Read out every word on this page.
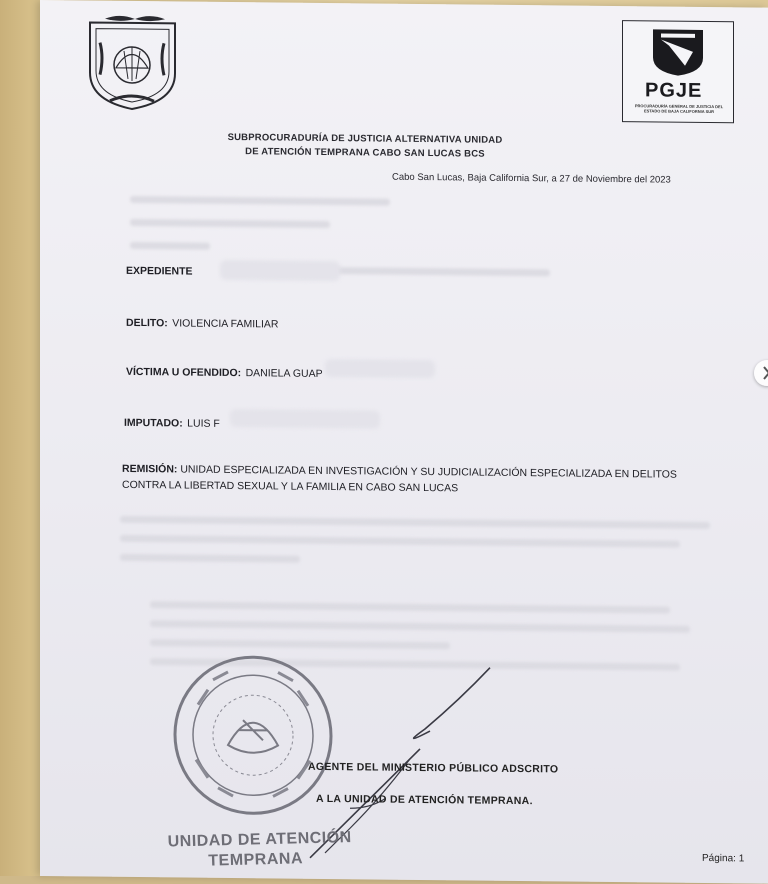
PGJE
PROCURADURÍA GENERAL DE JUSTICIA DEL ESTADO DE BAJA CALIFORNIA SUR
SUBPROCURADURÍA DE JUSTICIA ALTERNATIVA UNIDAD
DE ATENCIÓN TEMPRANA CABO SAN LUCAS BCS
Cabo San Lucas, Baja California Sur, a 27 de Noviembre del 2023
EXPEDIENTE
DELITO: VIOLENCIA FAMILIAR
VÍCTIMA U OFENDIDO: DANIELA GUAP
IMPUTADO: LUIS F
REMISIÓN: UNIDAD ESPECIALIZADA EN INVESTIGACIÓN Y SU JUDICIALIZACIÓN ESPECIALIZADA EN DELITOS
CONTRA LA LIBERTAD SEXUAL Y LA FAMILIA EN CABO SAN LUCAS
AGENTE DEL MINISTERIO PÚBLICO ADSCRITO
A LA UNIDAD DE ATENCIÓN TEMPRANA.
UNIDAD DE ATENCIÓN
TEMPRANA	Página: 1
